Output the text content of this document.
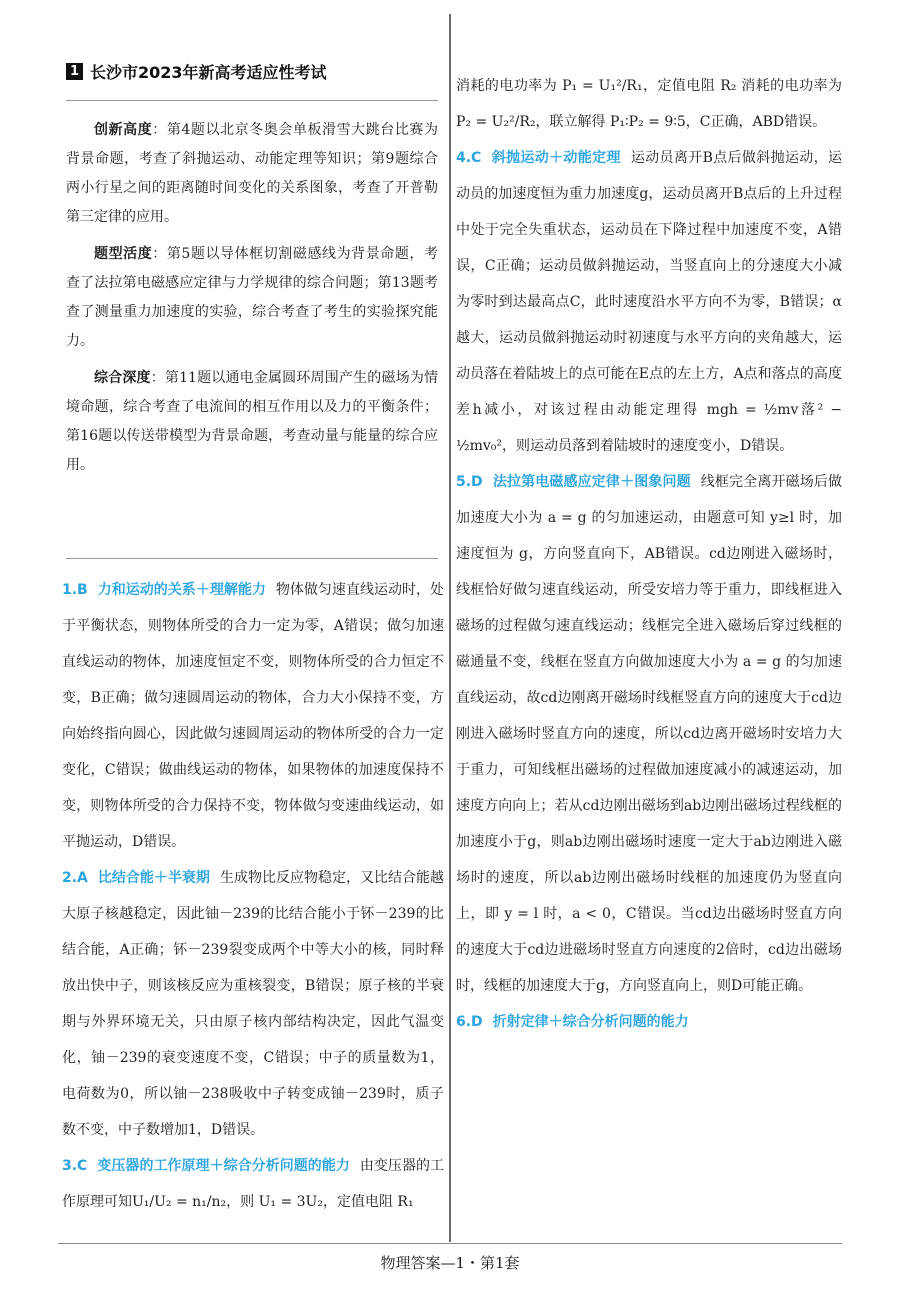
1 长沙市2023年新高考适应性考试

创新高度：第4题以北京冬奥会单板滑雪大跳台比赛为背景命题，考查了斜抛运动、动能定理等知识；第9题综合两小行星之间的距离随时间变化的关系图象，考查了开普勒第三定律的应用。

题型活度：第5题以导体框切割磁感线为背景命题，考查了法拉第电磁感应定律与力学规律的综合问题；第13题考查了测量重力加速度的实验，综合考查了考生的实验探究能力。

综合深度：第11题以通电金属圆环周围产生的磁场为情境命题，综合考查了电流间的相互作用以及力的平衡条件；第16题以传送带模型为背景命题，考查动量与能量的综合应用。

1.B 力和运动的关系＋理解能力 物体做匀速直线运动时，处于平衡状态，则物体所受的合力一定为零，A错误；做匀加速直线运动的物体，加速度恒定不变，则物体所受的合力恒定不变，B正确；做匀速圆周运动的物体，合力大小保持不变，方向始终指向圆心，因此做匀速圆周运动的物体所受的合力一定变化，C错误；做曲线运动的物体，如果物体的加速度保持不变，则物体所受的合力保持不变，物体做匀变速曲线运动，如平抛运动，D错误。

2.A 比结合能＋半衰期 生成物比反应物稳定，又比结合能越大原子核越稳定，因此铀－239的比结合能小于钚－239的比结合能，A正确；钚－239裂变成两个中等大小的核，同时释放出快中子，则该核反应为重核裂变，B错误；原子核的半衰期与外界环境无关，只由原子核内部结构决定，因此气温变化，铀－239的衰变速度不变，C错误；中子的质量数为1，电荷数为0，所以铀－238吸收中子转变成铀－239时，质子数不变，中子数增加1，D错误。

3.C 变压器的工作原理＋综合分析问题的能力 由变压器的工作原理可知U₁/U₂ = n₁/n₂，则 U₁ = 3U₂，定值电阻 R₁

消耗的电功率为 P₁ = U₁²/R₁，定值电阻 R₂ 消耗的电功率为 P₂ = U₂²/R₂，联立解得 P₁∶P₂ = 9∶5，C正确，ABD错误。

4.C 斜抛运动＋动能定理 运动员离开B点后做斜抛运动，运动员的加速度恒为重力加速度g，运动员离开B点后的上升过程中处于完全失重状态，运动员在下降过程中加速度不变，A错误，C正确；运动员做斜抛运动，当竖直向上的分速度大小减为零时到达最高点C，此时速度沿水平方向不为零，B错误；α越大，运动员做斜抛运动时初速度与水平方向的夹角越大，运动员落在着陆坡上的点可能在E点的左上方，A点和落点的高度差h减小，对该过程由动能定理得 mgh = ½mv落² − ½mv₀²，则运动员落到着陆坡时的速度变小，D错误。

5.D 法拉第电磁感应定律＋图象问题 线框完全离开磁场后做加速度大小为 a = g 的匀加速运动，由题意可知 y≥l 时，加速度恒为 g，方向竖直向下，AB错误。cd边刚进入磁场时，线框恰好做匀速直线运动，所受安培力等于重力，即线框进入磁场的过程做匀速直线运动；线框完全进入磁场后穿过线框的磁通量不变，线框在竖直方向做加速度大小为 a = g 的匀加速直线运动，故cd边刚离开磁场时线框竖直方向的速度大于cd边刚进入磁场时竖直方向的速度，所以cd边离开磁场时安培力大于重力，可知线框出磁场的过程做加速度减小的减速运动，加速度方向向上；若从cd边刚出磁场到ab边刚出磁场过程线框的加速度小于g，则ab边刚出磁场时速度一定大于ab边刚进入磁场时的速度，所以ab边刚出磁场时线框的加速度仍为竖直向上，即 y = l 时，a < 0，C错误。当cd边出磁场时竖直方向的速度大于cd边进磁场时竖直方向速度的2倍时，cd边出磁场时，线框的加速度大于g，方向竖直向上，则D可能正确。

6.D 折射定律＋综合分析问题的能力

物理答案—1・第1套
